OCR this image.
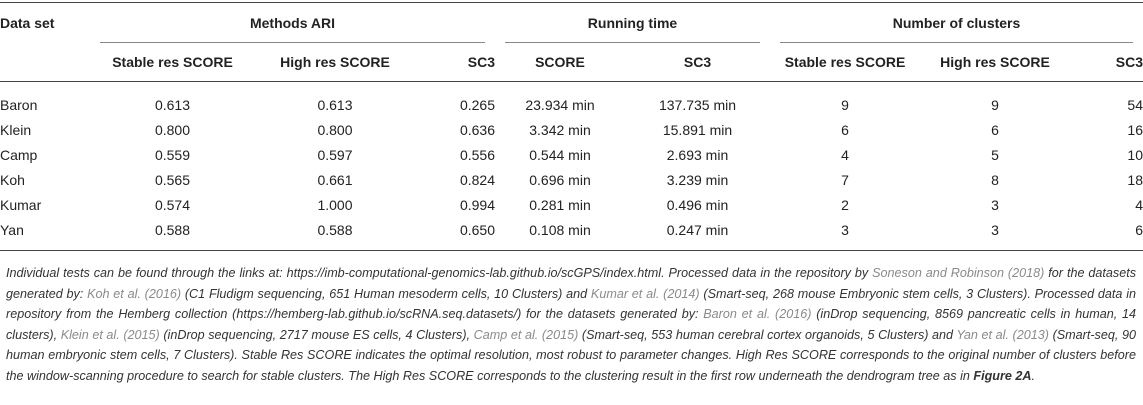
Data set	Methods ARI			Running time		Number of clusters		

	Stable res SCORE	High res SCORE	SC3	SCORE	SC3	Stable res SCORE	High res SCORE	SC3
Baron	0.613	0.613	0.265	23.934 min	137.735 min	9	9	54
Klein	0.800	0.800	0.636	3.342 min	15.891 min	6	6	16
Camp	0.559	0.597	0.556	0.544 min	2.693 min	4	5	10
Koh	0.565	0.661	0.824	0.696 min	3.239 min	7	8	18
Kumar	0.574	1.000	0.994	0.281 min	0.496 min	2	3	4
Yan	0.588	0.588	0.650	0.108 min	0.247 min	3	3	6
Individual tests can be found through the links at: https://imb-computational-genomics-lab.github.io/scGPS/index.html. Processed data in the repository by Soneson and Robinson (2018) for the datasets generated by: Koh et al. (2016) (C1 Fludigm sequencing, 651 Human mesoderm cells, 10 Clusters) and Kumar et al. (2014) (Smart-seq, 268 mouse Embryonic stem cells, 3 Clusters). Processed data in repository from the Hemberg collection (https://hemberg-lab.github.io/scRNA.seq.datasets/) for the datasets generated by: Baron et al. (2016) (inDrop sequencing, 8569 pancreatic cells in human, 14 clusters), Klein et al. (2015) (inDrop sequencing, 2717 mouse ES cells, 4 Clusters), Camp et al. (2015) (Smart-seq, 553 human cerebral cortex organoids, 5 Clusters) and Yan et al. (2013) (Smart-seq, 90 human embryonic stem cells, 7 Clusters). Stable Res SCORE indicates the optimal resolution, most robust to parameter changes. High Res SCORE corresponds to the original number of clusters before the window-scanning procedure to search for stable clusters. The High Res SCORE corresponds to the clustering result in the first row underneath the dendrogram tree as in Figure 2A.
